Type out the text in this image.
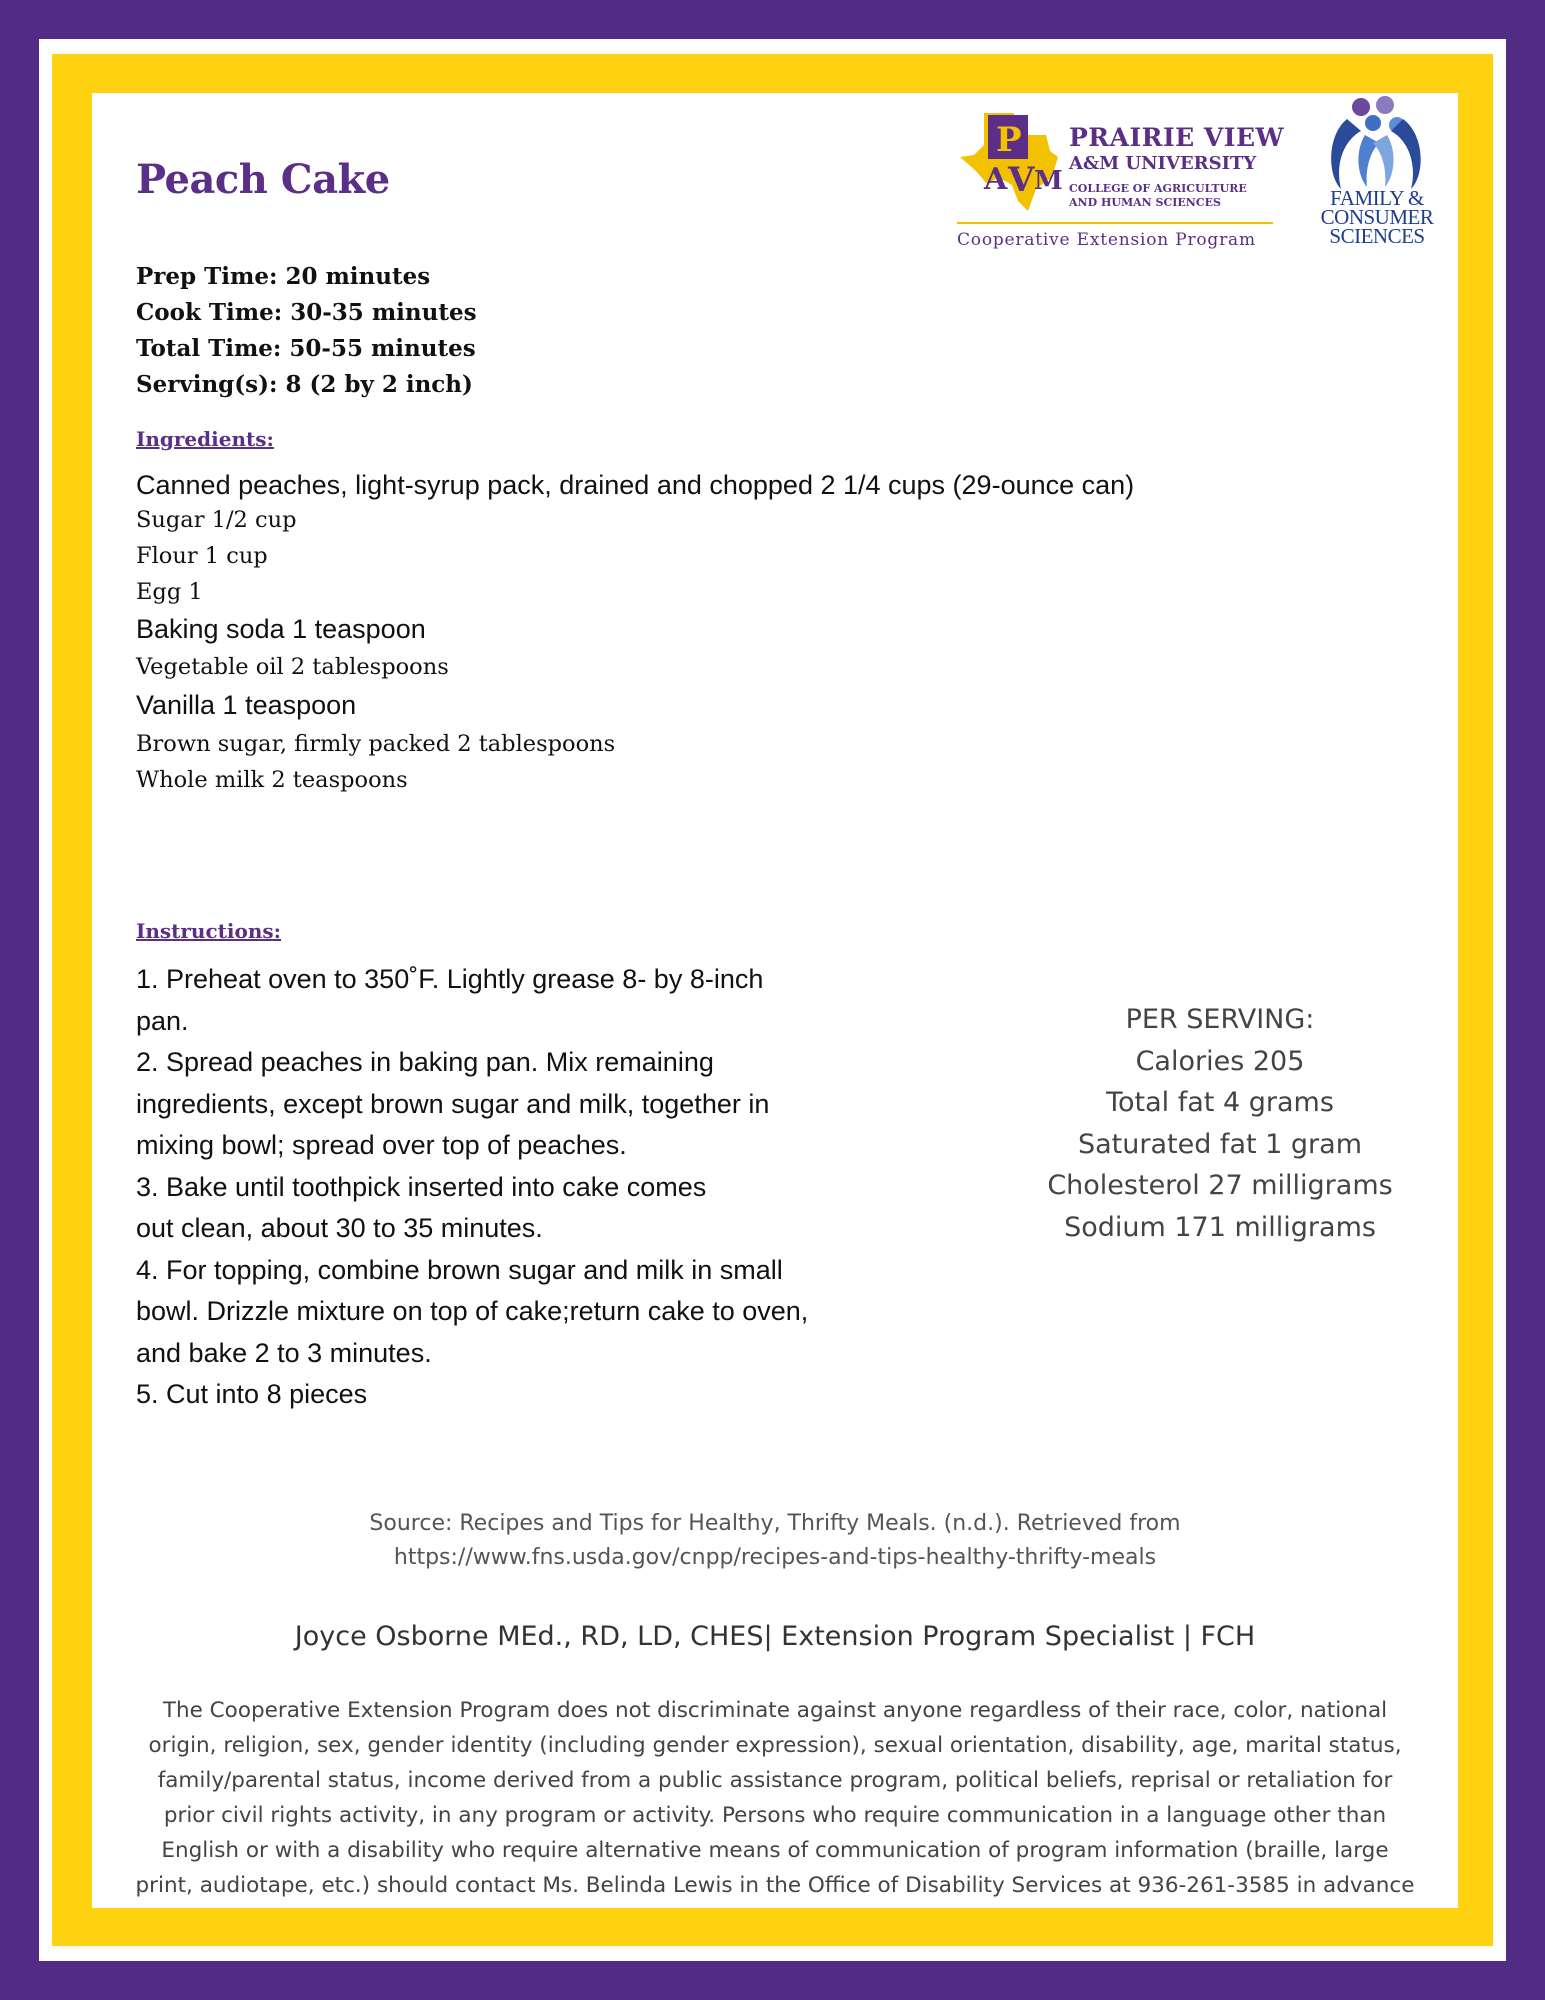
Peach Cake
P
A V M
PRAIRIE VIEW
A&M UNIVERSITY
COLLEGE OF AGRICULTURE
AND HUMAN SCIENCES
Cooperative Extension Program
FAMILY &
CONSUMER
SCIENCES
Prep Time: 20 minutes
Cook Time: 30-35 minutes
Total Time: 50-55 minutes
Serving(s): 8 (2 by 2 inch)
Ingredients:
Canned peaches, light-syrup pack, drained and chopped 2 1/4 cups (29-ounce can)
Sugar 1/2 cup
Flour 1 cup
Egg 1
Baking soda 1 teaspoon
Vegetable oil 2 tablespoons
Vanilla 1 teaspoon
Brown sugar, firmly packed 2 tablespoons
Whole milk 2 teaspoons
Instructions:
1. Preheat oven to 350˚F. Lightly grease 8- by 8-inch
pan.
2. Spread peaches in baking pan. Mix remaining
ingredients, except brown sugar and milk, together in
mixing bowl; spread over top of peaches.
3. Bake until toothpick inserted into cake comes
out clean, about 30 to 35 minutes.
4. For topping, combine brown sugar and milk in small
bowl. Drizzle mixture on top of cake;return cake to oven,
and bake 2 to 3 minutes.
5. Cut into 8 pieces
PER SERVING:
Calories 205
Total fat 4 grams
Saturated fat 1 gram
Cholesterol 27 milligrams
Sodium 171 milligrams
Source: Recipes and Tips for Healthy, Thrifty Meals. (n.d.). Retrieved from
https://www.fns.usda.gov/cnpp/recipes-and-tips-healthy-thrifty-meals
Joyce Osborne MEd., RD, LD, CHES| Extension Program Specialist | FCH
The Cooperative Extension Program does not discriminate against anyone regardless of their race, color, national
origin, religion, sex, gender identity (including gender expression), sexual orientation, disability, age, marital status,
family/parental status, income derived from a public assistance program, political beliefs, reprisal or retaliation for
prior civil rights activity, in any program or activity. Persons who require communication in a language other than
English or with a disability who require alternative means of communication of program information (braille, large
print, audiotape, etc.) should contact Ms. Belinda Lewis in the Office of Disability Services at 936-261-3585 in advance
